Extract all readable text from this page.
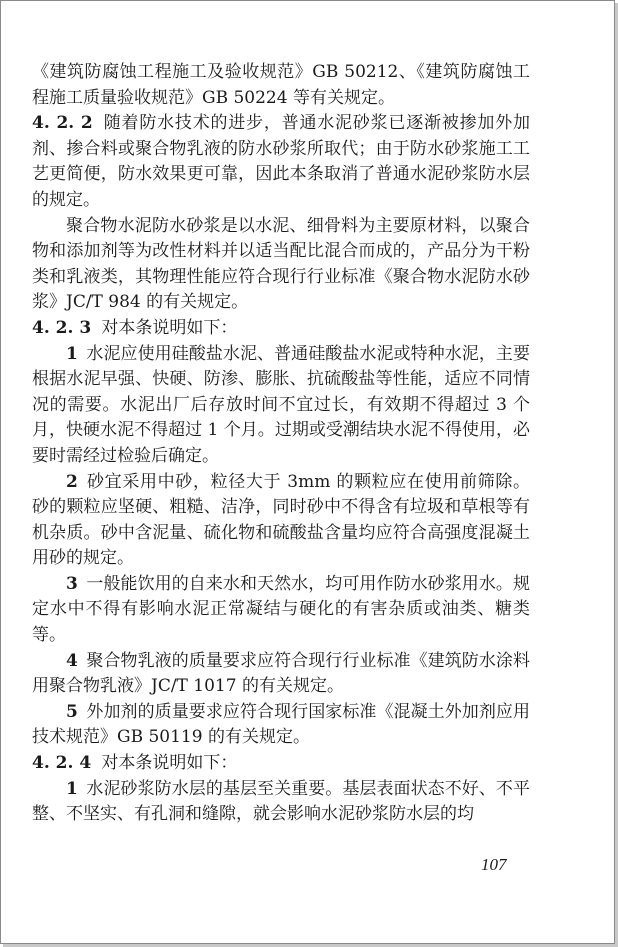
《建筑防腐蚀工程施工及验收规范》GB 50212、《建筑防腐蚀工程施工质量验收规范》GB 50224 等有关规定。

4. 2. 2 随着防水技术的进步，普通水泥砂浆已逐渐被掺加外加剂、掺合料或聚合物乳液的防水砂浆所取代；由于防水砂浆施工工艺更简便，防水效果更可靠，因此本条取消了普通水泥砂浆防水层的规定。

聚合物水泥防水砂浆是以水泥、细骨料为主要原材料，以聚合物和添加剂等为改性材料并以适当配比混合而成的，产品分为干粉类和乳液类，其物理性能应符合现行行业标准《聚合物水泥防水砂浆》JC/T 984 的有关规定。

4. 2. 3 对本条说明如下：

1 水泥应使用硅酸盐水泥、普通硅酸盐水泥或特种水泥，主要根据水泥早强、快硬、防渗、膨胀、抗硫酸盐等性能，适应不同情况的需要。水泥出厂后存放时间不宜过长，有效期不得超过 3 个月，快硬水泥不得超过 1 个月。过期或受潮结块水泥不得使用，必要时需经过检验后确定。

2 砂宜采用中砂，粒径大于 3mm 的颗粒应在使用前筛除。砂的颗粒应坚硬、粗糙、洁净，同时砂中不得含有垃圾和草根等有机杂质。砂中含泥量、硫化物和硫酸盐含量均应符合高强度混凝土用砂的规定。

3 一般能饮用的自来水和天然水，均可用作防水砂浆用水。规定水中不得有影响水泥正常凝结与硬化的有害杂质或油类、糖类等。

4 聚合物乳液的质量要求应符合现行行业标准《建筑防水涂料用聚合物乳液》JC/T 1017 的有关规定。

5 外加剂的质量要求应符合现行国家标准《混凝土外加剂应用技术规范》GB 50119 的有关规定。

4. 2. 4 对本条说明如下：

1 水泥砂浆防水层的基层至关重要。基层表面状态不好、不平整、不坚实、有孔洞和缝隙，就会影响水泥砂浆防水层的均

107
